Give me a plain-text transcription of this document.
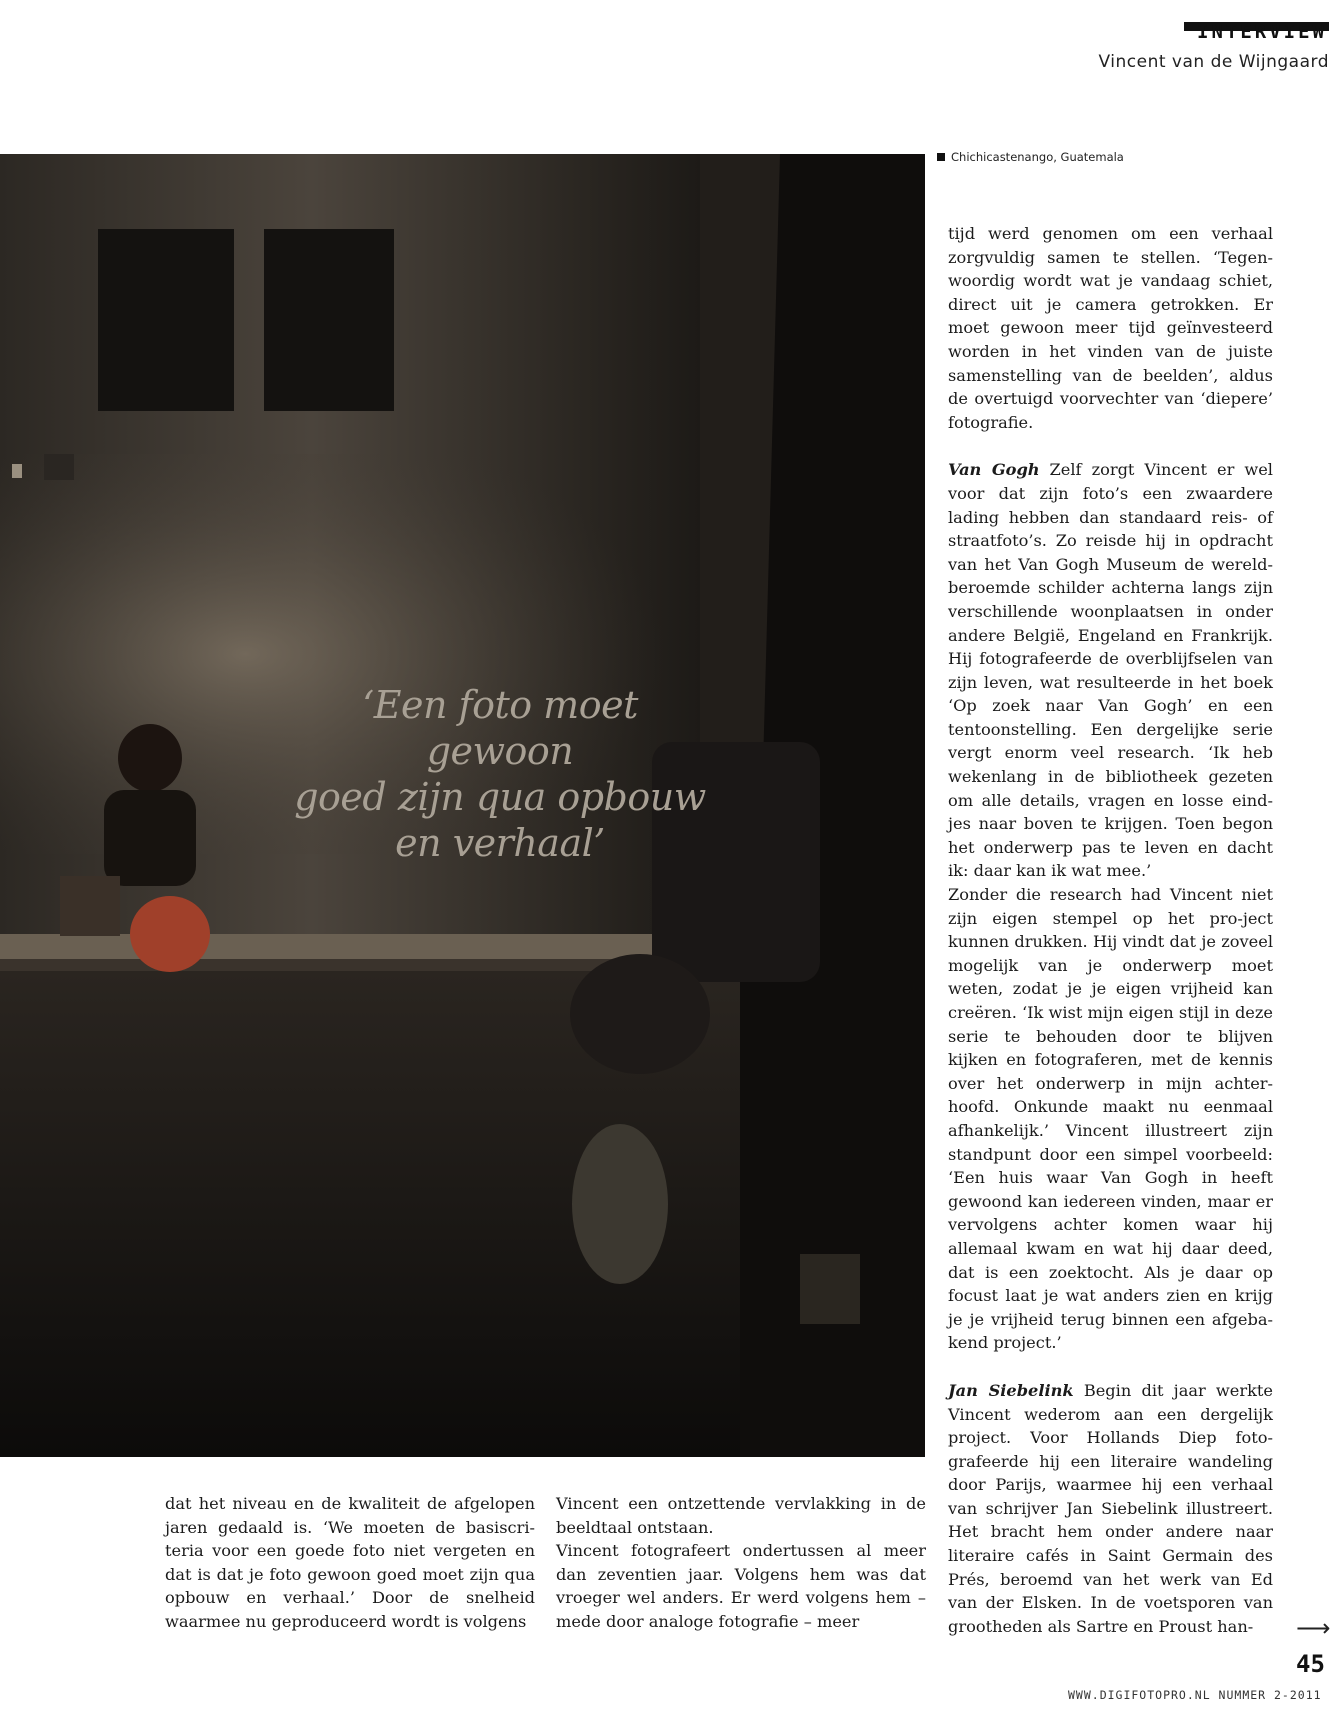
INTERVIEW
Vincent van de Wijngaard
‘Een foto moet gewoon
goed zijn qua opbouw
en verhaal’
Chichicastenango, Guatemala

tijd werd genomen om een verhaal zorgvuldig samen te stellen. ‘Tegen-woordig wordt wat je vandaag schiet, direct uit je camera getrokken. Er moet gewoon meer tijd geïnvesteerd worden in het vinden van de juiste samenstelling van de beelden’, aldus de overtuigd voorvechter van ‘diepere’ fotografie.

Van Gogh Zelf zorgt Vincent er wel voor dat zijn foto’s een zwaardere lading hebben dan standaard reis- of straatfoto’s. Zo reisde hij in opdracht van het Van Gogh Museum de wereld-beroemde schilder achterna langs zijn verschillende woonplaatsen in onder andere België, Engeland en Frankrijk. Hij fotografeerde de overblijfselen van zijn leven, wat resulteerde in het boek ‘Op zoek naar Van Gogh’ en een tentoonstelling. Een dergelijke serie vergt enorm veel research. ‘Ik heb wekenlang in de bibliotheek gezeten om alle details, vragen en losse eind-jes naar boven te krijgen. Toen begon het onderwerp pas te leven en dacht ik: daar kan ik wat mee.’

Zonder die research had Vincent niet zijn eigen stempel op het pro-ject kunnen drukken. Hij vindt dat je zoveel mogelijk van je onderwerp moet weten, zodat je je eigen vrijheid kan creëren. ‘Ik wist mijn eigen stijl in deze serie te behouden door te blijven kijken en fotograferen, met de kennis over het onderwerp in mijn achter-hoofd. Onkunde maakt nu eenmaal afhankelijk.’ Vincent illustreert zijn standpunt door een simpel voorbeeld: ‘Een huis waar Van Gogh in heeft gewoond kan iedereen vinden, maar er vervolgens achter komen waar hij allemaal kwam en wat hij daar deed, dat is een zoektocht. Als je daar op focust laat je wat anders zien en krijg je je vrijheid terug binnen een afgeba-kend project.’

Jan Siebelink Begin dit jaar werkte Vincent wederom aan een dergelijk project. Voor Hollands Diep foto-grafeerde hij een literaire wandeling door Parijs, waarmee hij een verhaal van schrijver Jan Siebelink illustreert. Het bracht hem onder andere naar literaire cafés in Saint Germain des Prés, beroemd van het werk van Ed van der Elsken. In de voetsporen van grootheden als Sartre en Proust han-

dat het niveau en de kwaliteit de afgelopen jaren gedaald is. ‘We moeten de basiscri-teria voor een goede foto niet vergeten en dat is dat je foto gewoon goed moet zijn qua opbouw en verhaal.’ Door de snelheid waarmee nu geproduceerd wordt is volgens

Vincent een ontzettende vervlakking in de beeldtaal ontstaan.

Vincent fotografeert ondertussen al meer dan zeventien jaar. Volgens hem was dat vroeger wel anders. Er werd volgens hem – mede door analoge fotografie – meer	⟶
45
WWW.DIGIFOTOPRO.NL NUMMER 2-2011
